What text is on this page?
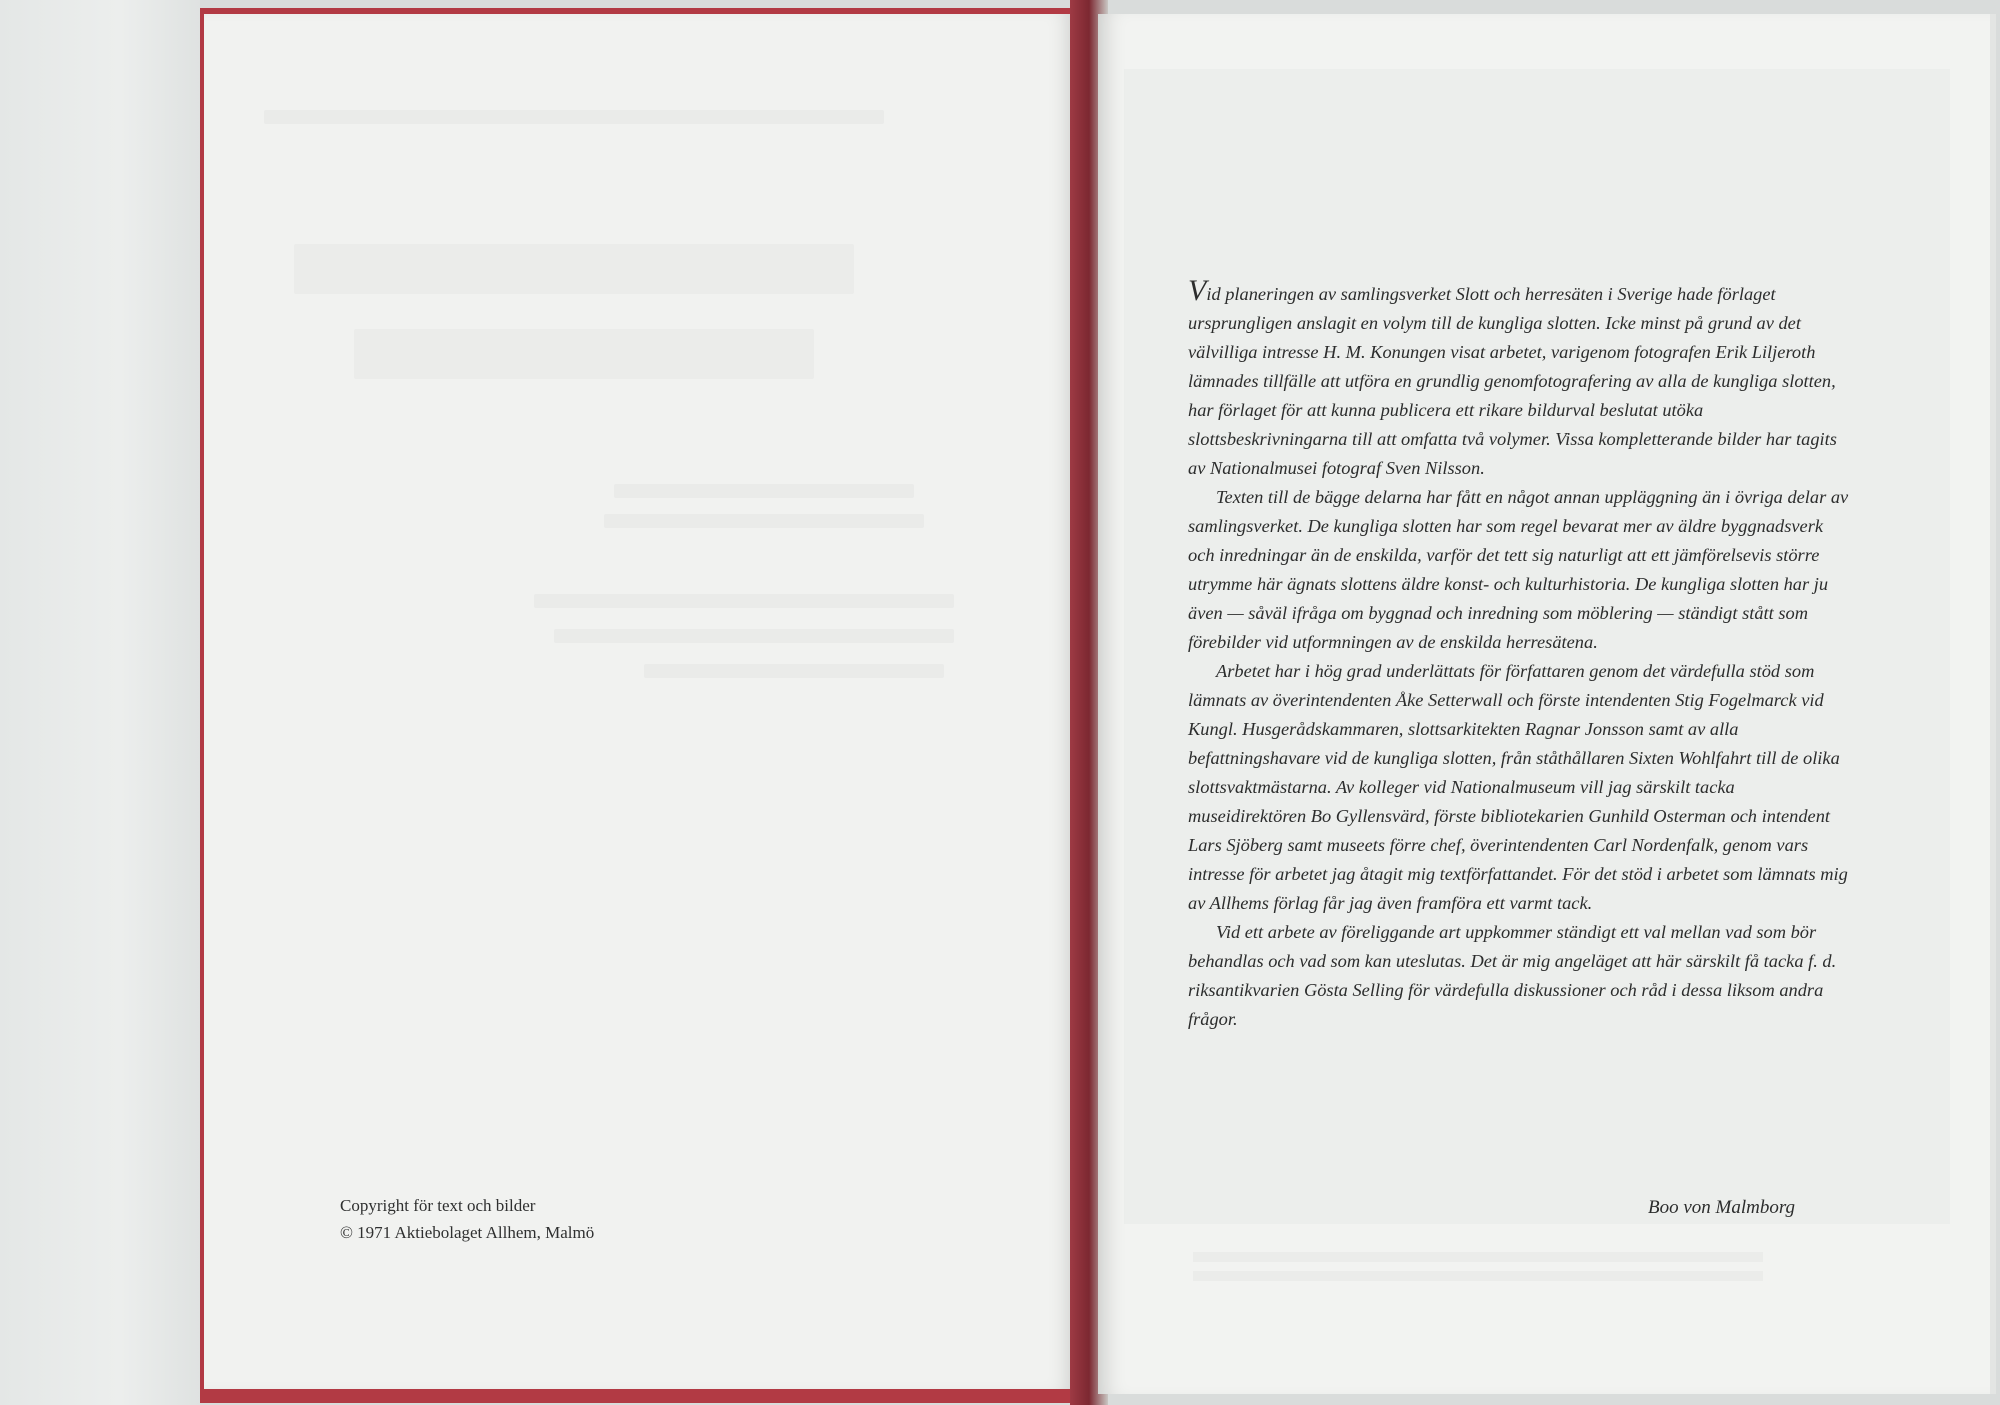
Copyright för text och bilder
© 1971 Aktiebolaget Allhem, Malmö

Vid planeringen av samlingsverket Slott och herresäten i Sverige hade förlaget ursprungligen anslagit en volym till de kungliga slotten. Icke minst på grund av det välvilliga intresse H. M. Konungen visat arbetet, varigenom fotografen Erik Liljeroth lämnades tillfälle att utföra en grundlig genomfotografering av alla de kungliga slotten, har förlaget för att kunna publicera ett rikare bildurval beslutat utöka slottsbeskrivningarna till att omfatta två volymer. Vissa kompletterande bilder har tagits av Nationalmusei fotograf Sven Nilsson.

Texten till de bägge delarna har fått en något annan uppläggning än i övriga delar av samlingsverket. De kungliga slotten har som regel bevarat mer av äldre byggnadsverk och inredningar än de enskilda, varför det tett sig naturligt att ett jämförelsevis större utrymme här ägnats slottens äldre konst- och kulturhistoria. De kungliga slotten har ju även — såväl ifråga om byggnad och inredning som möblering — ständigt stått som förebilder vid utformningen av de enskilda herresätena.

Arbetet har i hög grad underlättats för författaren genom det värdefulla stöd som lämnats av överintendenten Åke Setterwall och förste intendenten Stig Fogelmarck vid Kungl. Husgerådskammaren, slottsarkitekten Ragnar Jonsson samt av alla befattningshavare vid de kungliga slotten, från ståthållaren Sixten Wohlfahrt till de olika slottsvaktmästarna. Av kolleger vid Nationalmuseum vill jag särskilt tacka museidirektören Bo Gyllensvärd, förste bibliotekarien Gunhild Osterman och intendent Lars Sjöberg samt museets förre chef, överintendenten Carl Nordenfalk, genom vars intresse för arbetet jag åtagit mig textförfattandet. För det stöd i arbetet som lämnats mig av Allhems förlag får jag även framföra ett varmt tack.

Vid ett arbete av föreliggande art uppkommer ständigt ett val mellan vad som bör behandlas och vad som kan uteslutas. Det är mig angeläget att här särskilt få tacka f. d. riksantikvarien Gösta Selling för värdefulla diskussioner och råd i dessa liksom andra frågor.

Boo von Malmborg
